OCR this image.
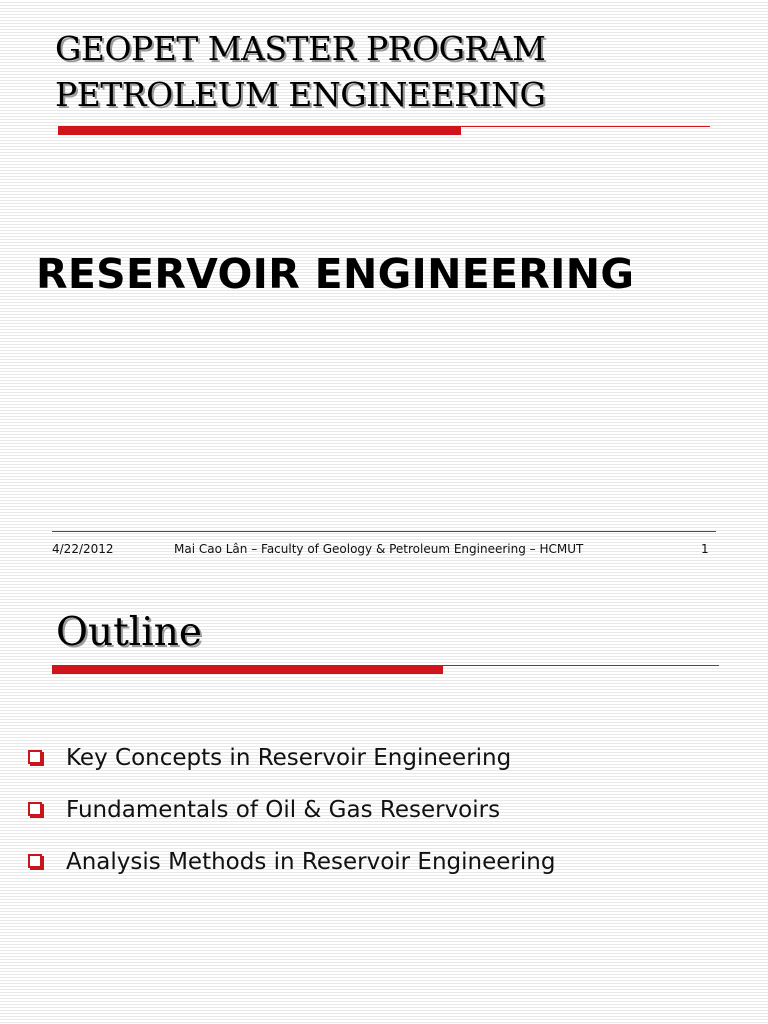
GEOPET MASTER PROGRAM
PETROLEUM ENGINEERING
RESERVOIR ENGINEERING
4/22/2012	Mai Cao Lân – Faculty of Geology & Petroleum Engineering – HCMUT	1
Outline
Key Concepts in Reservoir Engineering
Fundamentals of Oil & Gas Reservoirs
Analysis Methods in Reservoir Engineering
